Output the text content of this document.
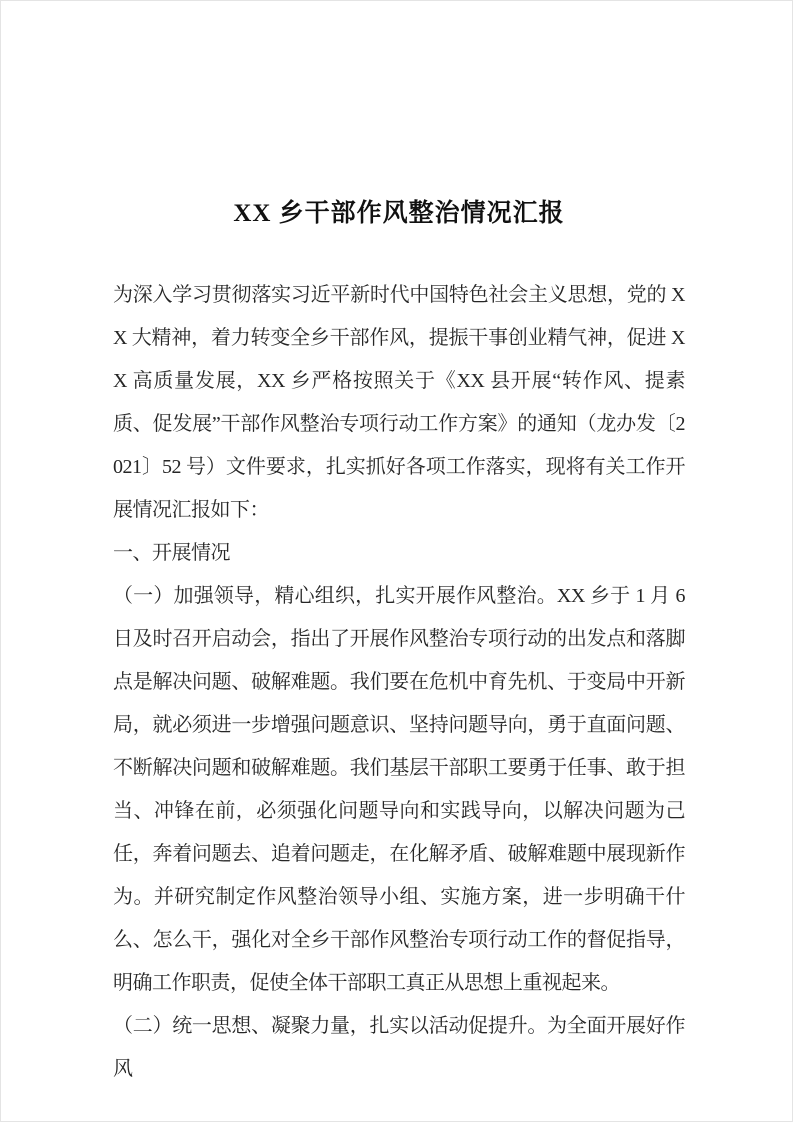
XX 乡干部作风整治情况汇报

为深入学习贯彻落实习近平新时代中国特色社会主义思想，党的 XX 大精神，着力转变全乡干部作风，提振干事创业精气神，促进 XX 高质量发展，XX 乡严格按照关于《XX 县开展“转作风、提素质、促发展”干部作风整治专项行动工作方案》的通知（龙办发〔2021〕52 号）文件要求，扎实抓好各项工作落实，现将有关工作开展情况汇报如下：

一、开展情况

（一）加强领导，精心组织，扎实开展作风整治。XX 乡于 1 月 6 日及时召开启动会，指出了开展作风整治专项行动的出发点和落脚点是解决问题、破解难题。我们要在危机中育先机、于变局中开新局，就必须进一步增强问题意识、坚持问题导向，勇于直面问题、不断解决问题和破解难题。我们基层干部职工要勇于任事、敢于担当、冲锋在前，必须强化问题导向和实践导向，以解决问题为己任，奔着问题去、追着问题走，在化解矛盾、破解难题中展现新作为。并研究制定作风整治领导小组、实施方案，进一步明确干什么、怎么干，强化对全乡干部作风整治专项行动工作的督促指导，明确工作职责，促使全体干部职工真正从思想上重视起来。

（二）统一思想、凝聚力量，扎实以活动促提升。为全面开展好作风
